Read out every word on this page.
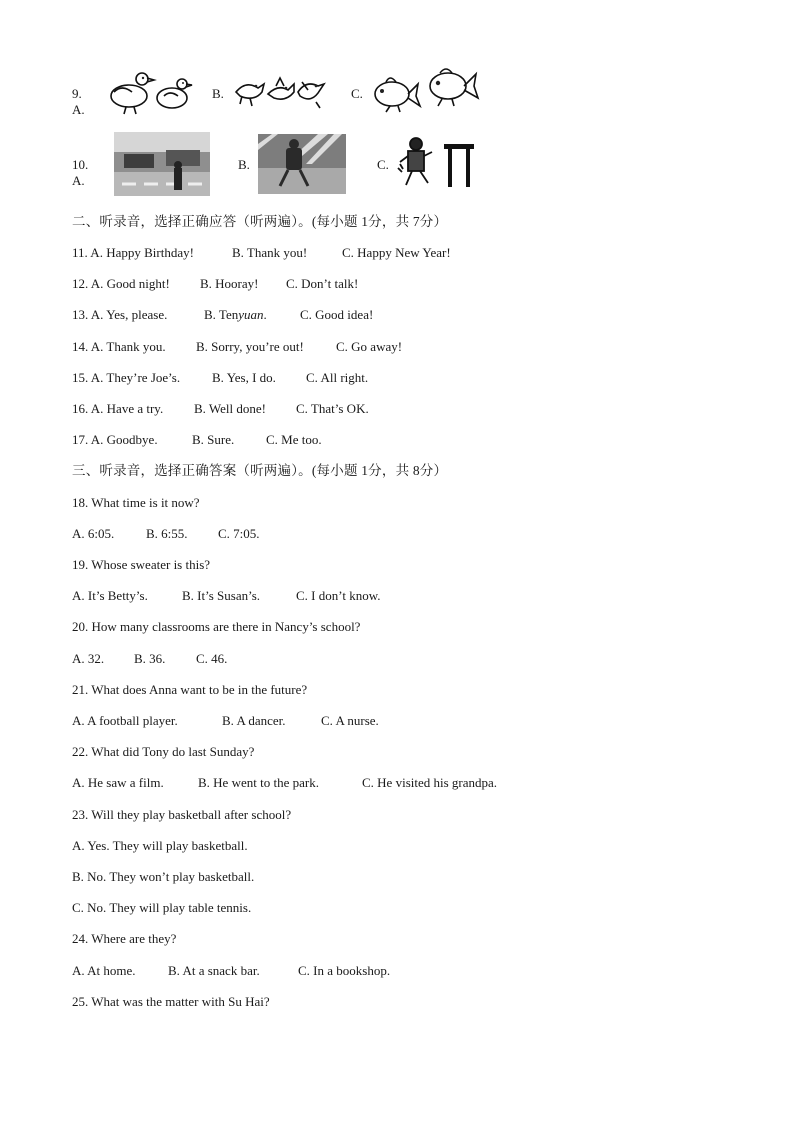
9. A.
B.	C.
10. A.
B.	C.
二、听录音，选择正确应答（听两遍）。(每小题 1分，共 7分）
11. A. Happy Birthday!	B. Thank you!	C. Happy New Year!
12. A. Good night! B. Hooray! C. Don’t talk!
13. A. Yes, please.	B. Tenyuan.	C. Good idea!
14. A. Thank you. B. Sorry, you’re out! C. Go away!
15. A. They’re Joe’s. B. Yes, I do. C. All right.
16. A. Have a try. B. Well done! C. That’s OK.
17. A. Goodbye.	B. Sure. C. Me too.
三、听录音，选择正确答案（听两遍）。(每小题 1分，共 8分）
18. What time is it now?
A. 6:05. B. 6:55. C. 7:05.
19. Whose sweater is this?
A. It’s Betty’s.	B. It’s Susan’s.	C. I don’t know.
20. How many classrooms are there in Nancy’s school?
A. 32. B. 36. C. 46.
21. What does Anna want to be in the future?
A. A football player.	B. A dancer.	C. A nurse.
22. What did Tony do last Sunday?
A. He saw a film.	B. He went to the park.	C. He visited his grandpa.
23. Will they play basketball after school?
A. Yes. They will play basketball.
B. No. They won’t play basketball.
C. No. They will play table tennis.
24. Where are they?
A. At home. B. At a snack bar.	C. In a bookshop.
25. What was the matter with Su Hai?
